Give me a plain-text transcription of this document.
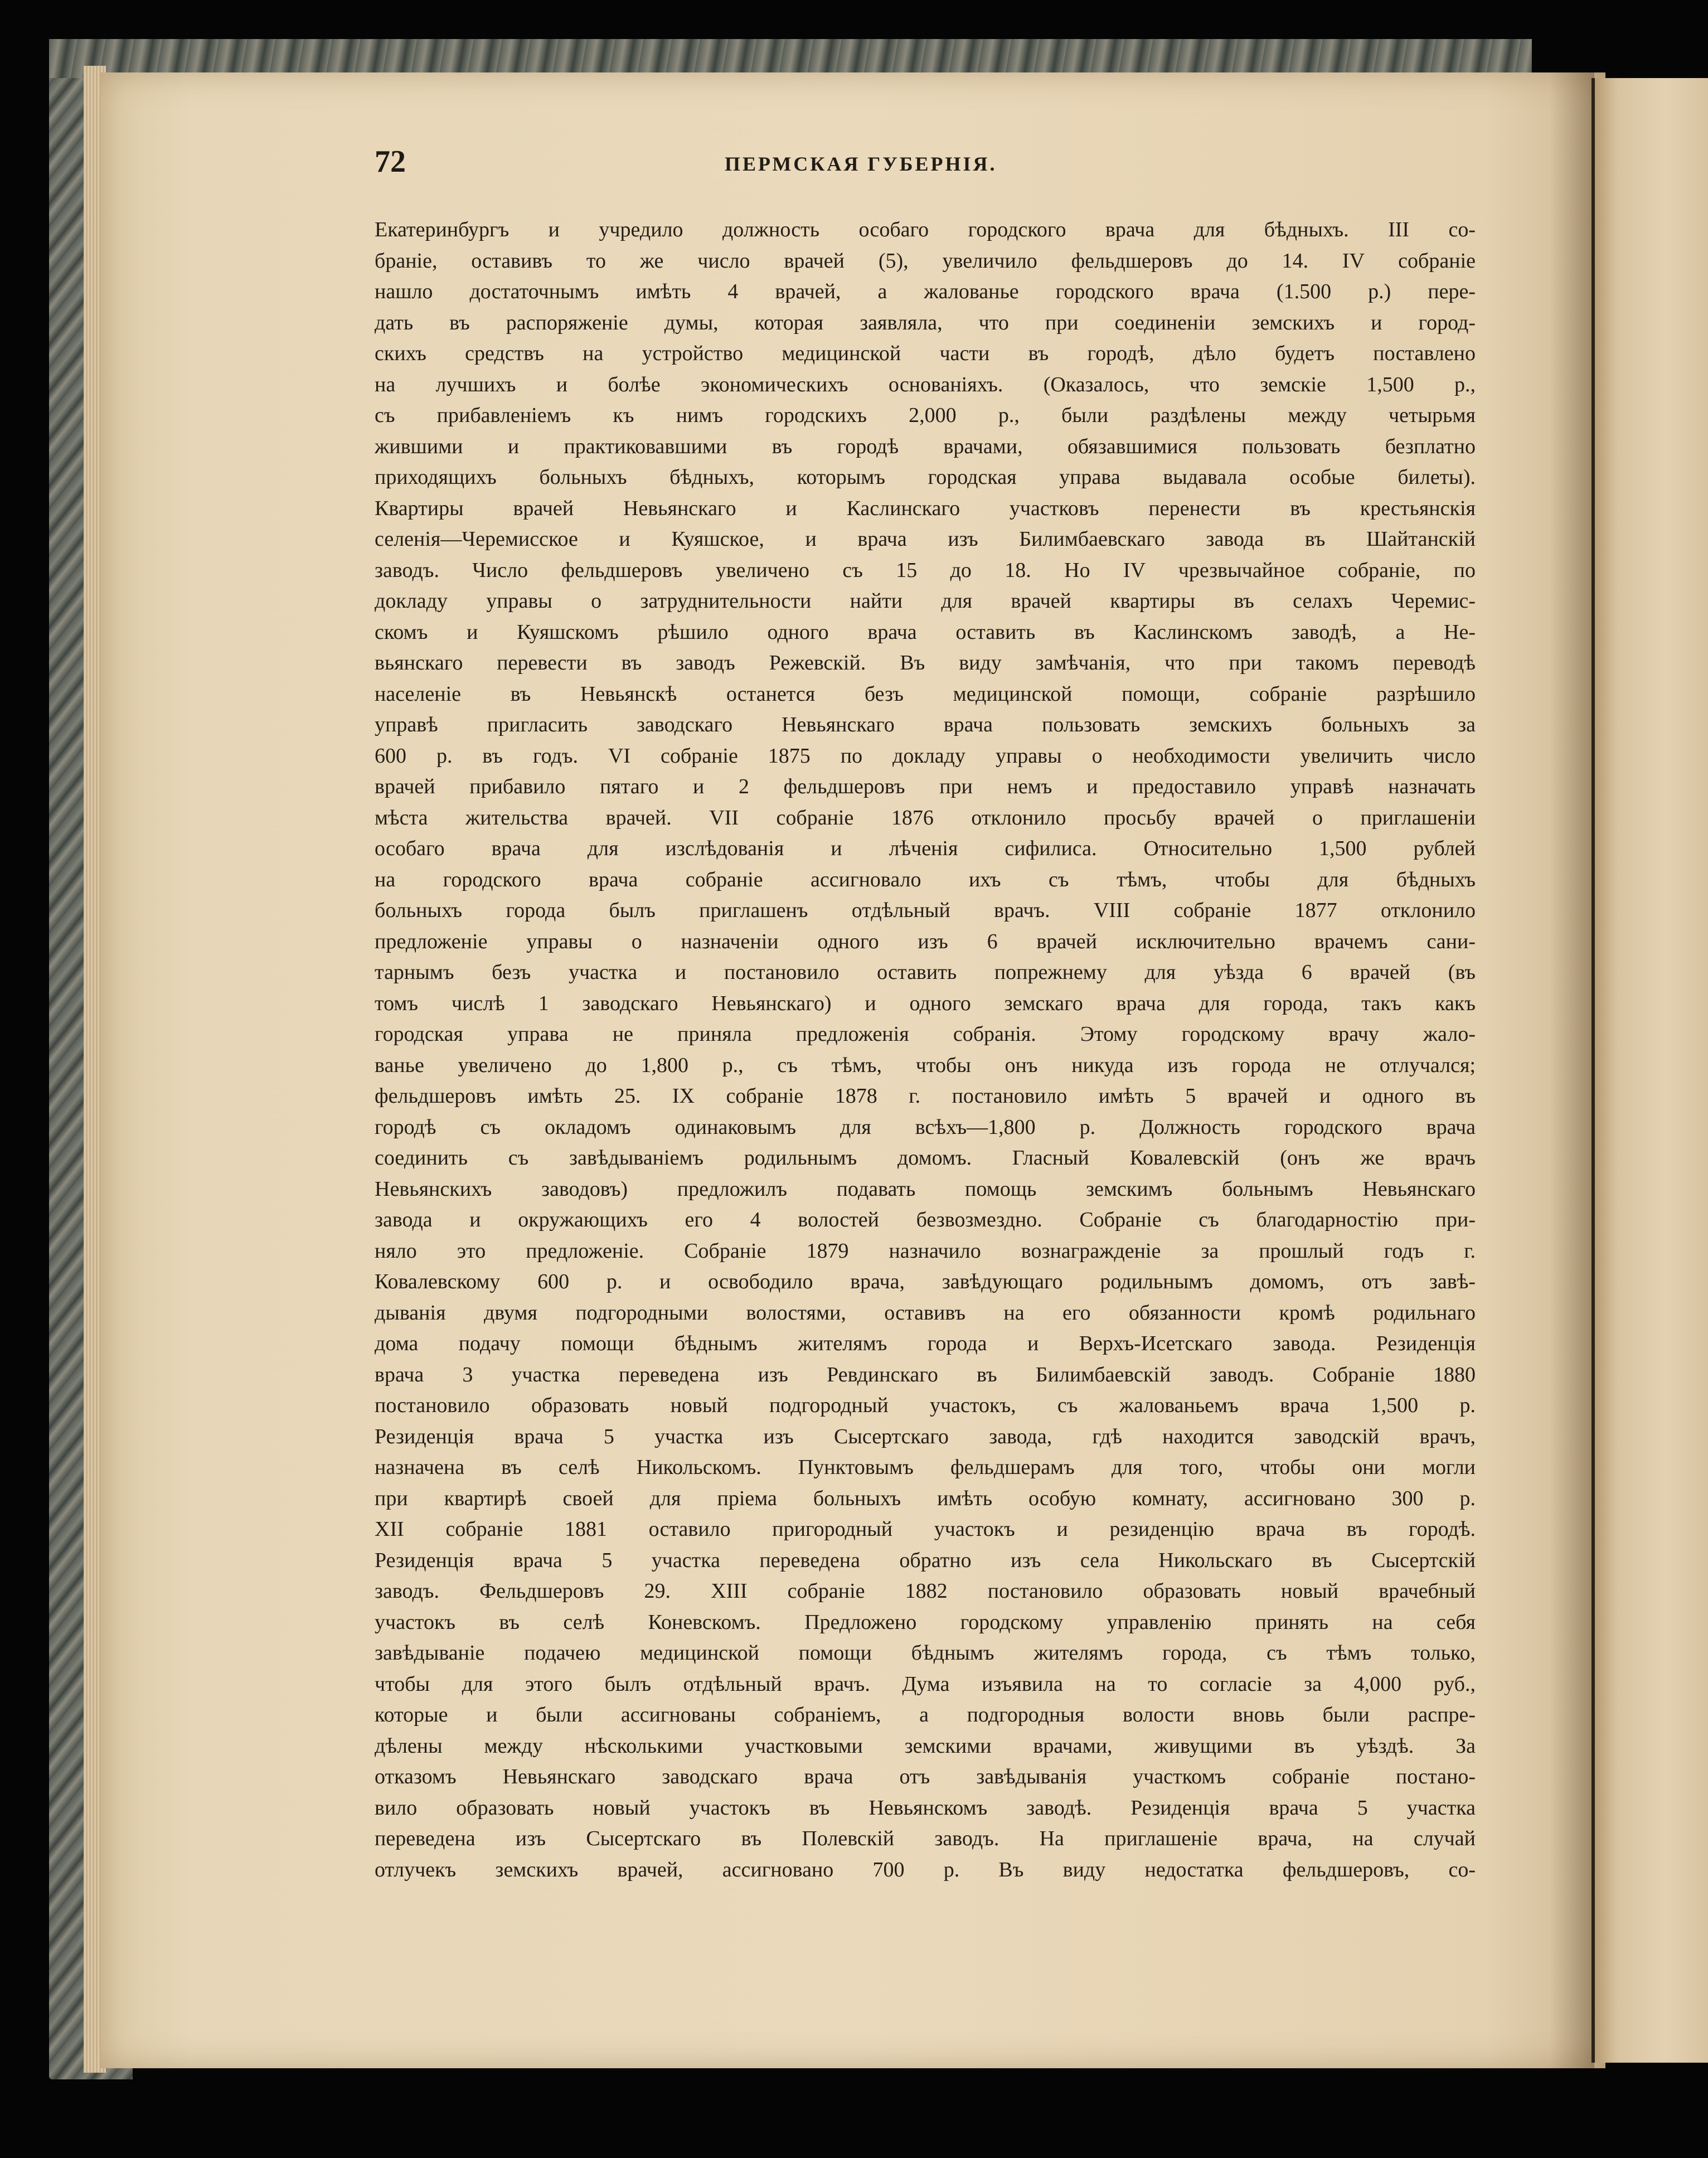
72	ПЕРМСКАЯ ГУБЕРНІЯ.
Екатеринбургъ и учредило должность особаго городского врача для бѣдныхъ. III со-
браніе, оставивъ то же число врачей (5), увеличило фельдшеровъ до 14. IV собраніе
нашло достаточнымъ имѣть 4 врачей, а жалованье городского врача (1.500 р.) пере-
дать въ распоряженіе думы, которая заявляла, что при соединеніи земскихъ и город-
скихъ средствъ на устройство медицинской части въ городѣ, дѣло будетъ поставлено
на лучшихъ и болѣе экономическихъ основаніяхъ. (Оказалось, что земскіе 1,500 р.,
съ прибавленіемъ къ нимъ городскихъ 2,000 р., были раздѣлены между четырьмя
жившими и практиковавшими въ городѣ врачами, обязавшимися пользовать безплатно
приходящихъ больныхъ бѣдныхъ, которымъ городская управа выдавала особые билеты).
Квартиры врачей Невьянскаго и Каслинскаго участковъ перенести въ крестьянскія
селенія—Черемисское и Куяшское, и врача изъ Билимбаевскаго завода въ Шайтанскій
заводъ. Число фельдшеровъ увеличено съ 15 до 18. Но IV чрезвычайное собраніе, по
докладу управы о затруднительности найти для врачей квартиры въ селахъ Черемис-
скомъ и Куяшскомъ рѣшило одного врача оставить въ Каслинскомъ заводѣ, а Не-
вьянскаго перевести въ заводъ Режевскій. Въ виду замѣчанія, что при такомъ переводѣ
населеніе въ Невьянскѣ останется безъ медицинской помощи, собраніе разрѣшило
управѣ пригласить заводскаго Невьянскаго врача пользовать земскихъ больныхъ за
600 р. въ годъ. VI собраніе 1875 по докладу управы о необходимости увеличить число
врачей прибавило пятаго и 2 фельдшеровъ при немъ и предоставило управѣ назначать
мѣста жительства врачей. VII собраніе 1876 отклонило просьбу врачей о приглашеніи
особаго врача для изслѣдованія и лѣченія сифилиса. Относительно 1,500 рублей
на городского врача собраніе ассигновало ихъ съ тѣмъ, чтобы для бѣдныхъ
больныхъ города былъ приглашенъ отдѣльный врачъ. VIII собраніе 1877 отклонило
предложеніе управы о назначеніи одного изъ 6 врачей исключительно врачемъ сани-
тарнымъ безъ участка и постановило оставить попрежнему для уѣзда 6 врачей (въ
томъ числѣ 1 заводскаго Невьянскаго) и одного земскаго врача для города, такъ какъ
городская управа не приняла предложенія собранія. Этому городскому врачу жало-
ванье увеличено до 1,800 р., съ тѣмъ, чтобы онъ никуда изъ города не отлучался;
фельдшеровъ имѣть 25. IX собраніе 1878 г. постановило имѣть 5 врачей и одного въ
городѣ съ окладомъ одинаковымъ для всѣхъ—1,800 р. Должность городского врача
соединить съ завѣдываніемъ родильнымъ домомъ. Гласный Ковалевскій (онъ же врачъ
Невьянскихъ заводовъ) предложилъ подавать помощь земскимъ больнымъ Невьянскаго
завода и окружающихъ его 4 волостей безвозмездно. Собраніе съ благодарностію при-
няло это предложеніе. Собраніе 1879 назначило вознагражденіе за прошлый годъ г.
Ковалевскому 600 р. и освободило врача, завѣдующаго родильнымъ домомъ, отъ завѣ-
дыванія двумя подгородными волостями, оставивъ на его обязанности кромѣ родильнаго
дома подачу помощи бѣднымъ жителямъ города и Верхъ-Исетскаго завода. Резиденція
врача 3 участка переведена изъ Ревдинскаго въ Билимбаевскій заводъ. Собраніе 1880
постановило образовать новый подгородный участокъ, съ жалованьемъ врача 1,500 р.
Резиденція врача 5 участка изъ Сысертскаго завода, гдѣ находится заводскій врачъ,
назначена въ селѣ Никольскомъ. Пунктовымъ фельдшерамъ для того, чтобы они могли
при квартирѣ своей для пріема больныхъ имѣть особую комнату, ассигновано 300 р.
XII собраніе 1881 оставило пригородный участокъ и резиденцію врача въ городѣ.
Резиденція врача 5 участка переведена обратно изъ села Никольскаго въ Сысертскій
заводъ. Фельдшеровъ 29. XIII собраніе 1882 постановило образовать новый врачебный
участокъ въ селѣ Коневскомъ. Предложено городскому управленію принять на себя
завѣдываніе подачею медицинской помощи бѣднымъ жителямъ города, съ тѣмъ только,
чтобы для этого былъ отдѣльный врачъ. Дума изъявила на то согласіе за 4,000 руб.,
которые и были ассигнованы собраніемъ, а подгородныя волости вновь были распре-
дѣлены между нѣсколькими участковыми земскими врачами, живущими въ уѣздѣ. За
отказомъ Невьянскаго заводскаго врача отъ завѣдыванія участкомъ собраніе постано-
вило образовать новый участокъ въ Невьянскомъ заводѣ. Резиденція врача 5 участка
переведена изъ Сысертскаго въ Полевскій заводъ. На приглашеніе врача, на случай
отлучекъ земскихъ врачей, ассигновано 700 р. Въ виду недостатка фельдшеровъ, со-
